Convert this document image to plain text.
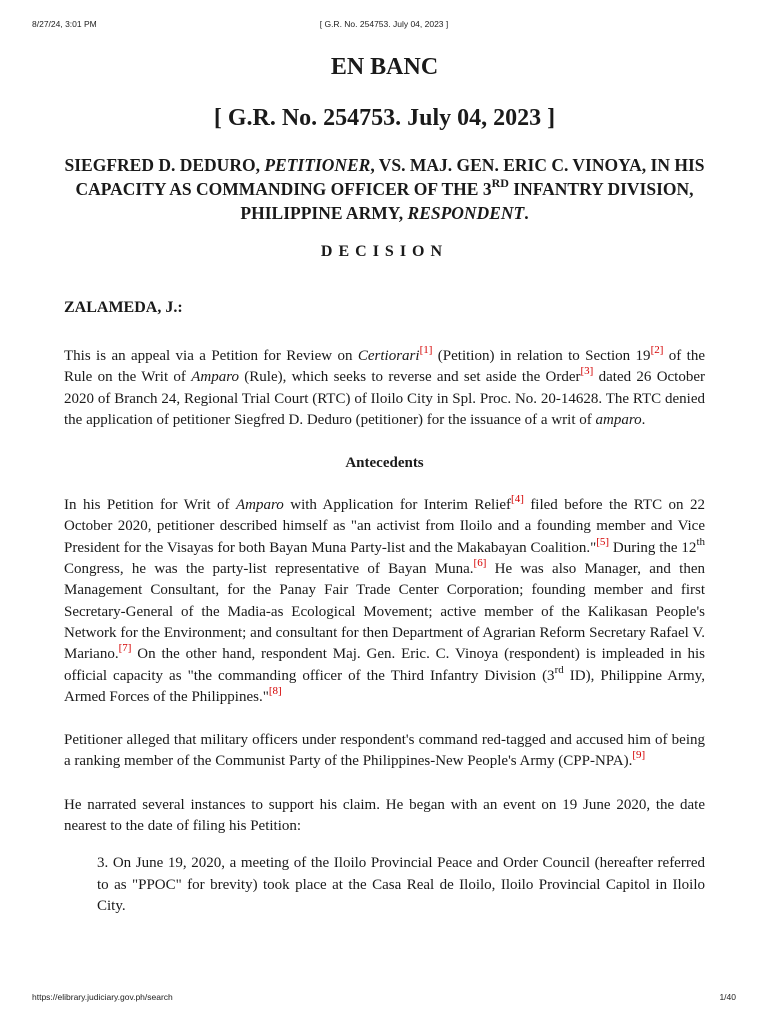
8/27/24, 3:01 PM	[ G.R. No. 254753. July 04, 2023 ]
EN BANC
[ G.R. No. 254753. July 04, 2023 ]
SIEGFRED D. DEDURO, PETITIONER, VS. MAJ. GEN. ERIC C. VINOYA, IN HIS CAPACITY AS COMMANDING OFFICER OF THE 3RD INFANTRY DIVISION, PHILIPPINE ARMY, RESPONDENT.
DECISION
ZALAMEDA, J.:

This is an appeal via a Petition for Review on Certiorari[1] (Petition) in relation to Section 19[2] of the Rule on the Writ of Amparo (Rule), which seeks to reverse and set aside the Order[3] dated 26 October 2020 of Branch 24, Regional Trial Court (RTC) of Iloilo City in Spl. Proc. No. 20-14628. The RTC denied the application of petitioner Siegfred D. Deduro (petitioner) for the issuance of a writ of amparo.

Antecedents

In his Petition for Writ of Amparo with Application for Interim Relief[4] filed before the RTC on 22 October 2020, petitioner described himself as "an activist from Iloilo and a founding member and Vice President for the Visayas for both Bayan Muna Party-list and the Makabayan Coalition."[5] During the 12th Congress, he was the party-list representative of Bayan Muna.[6] He was also Manager, and then Management Consultant, for the Panay Fair Trade Center Corporation; founding member and first Secretary-General of the Madia-as Ecological Movement; active member of the Kalikasan People's Network for the Environment; and consultant for then Department of Agrarian Reform Secretary Rafael V. Mariano.[7] On the other hand, respondent Maj. Gen. Eric. C. Vinoya (respondent) is impleaded in his official capacity as "the commanding officer of the Third Infantry Division (3rd ID), Philippine Army, Armed Forces of the Philippines."[8]

Petitioner alleged that military officers under respondent's command red-tagged and accused him of being a ranking member of the Communist Party of the Philippines-New People's Army (CPP-NPA).[9]

He narrated several instances to support his claim. He began with an event on 19 June 2020, the date nearest to the date of filing his Petition:

3. On June 19, 2020, a meeting of the Iloilo Provincial Peace and Order Council (hereafter referred to as "PPOC" for brevity) took place at the Casa Real de Iloilo, Iloilo Provincial Capitol in Iloilo City.

https://elibrary.judiciary.gov.ph/search	1/40
